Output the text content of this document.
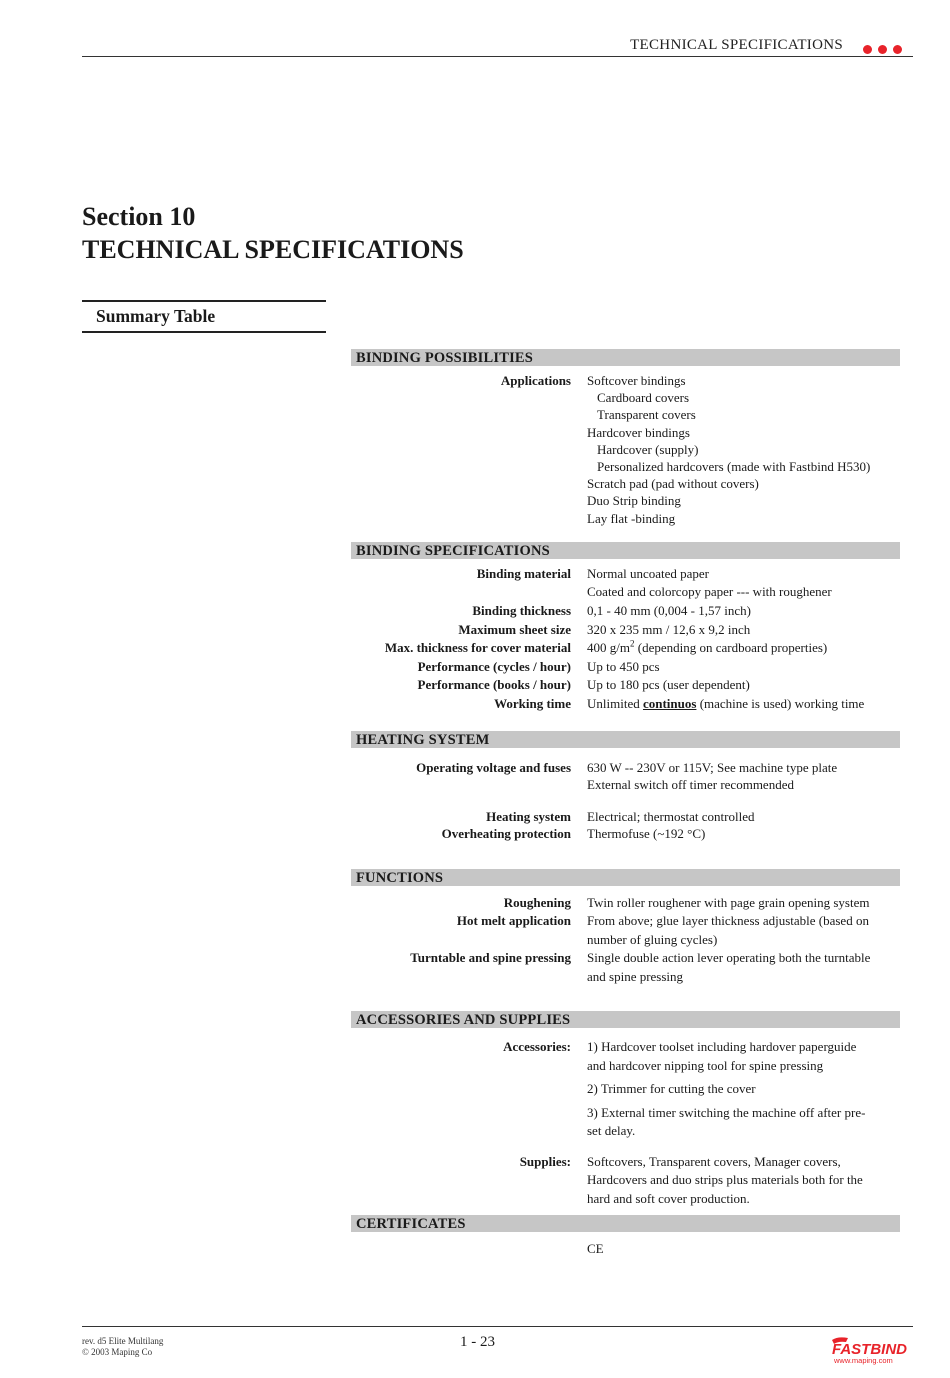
TECHNICAL SPECIFICATIONS
Section 10
TECHNICAL SPECIFICATIONS
Summary Table
BINDING POSSIBILITIES
Applications	Softcover bindings
Cardboard covers
Transparent covers
Hardcover bindings
Hardcover (supply)
Personalized hardcovers (made with Fastbind H530)
Scratch pad (pad without covers)
Duo Strip binding
Lay flat -binding
BINDING SPECIFICATIONS
Binding material	Normal uncoated paper
Coated and colorcopy paper --- with roughener
Binding thickness	0,1 - 40 mm (0,004 - 1,57 inch)
Maximum sheet size	320 x 235 mm / 12,6 x 9,2 inch
Max. thickness for cover material	400 $g/m^2$ (depending on cardboard properties)
Performance (cycles / hour)	Up to 450 pcs
Performance (books / hour)	Up to 180 pcs (user dependent)
Working time	Unlimited continuos (machine is used) working time
HEATING SYSTEM
Operating voltage and fuses	630 W -- 230V or 115V; See machine type plate
External switch off timer recommended
Heating system	Electrical; thermostat controlled
Overheating protection	Thermofuse (~192 °C)
FUNCTIONS
Roughening	Twin roller roughener with page grain opening system
Hot melt application	From above; glue layer thickness adjustable (based on
number of gluing cycles)
Turntable and spine pressing	Single double action lever operating both the turntable
and spine pressing
ACCESSORIES AND SUPPLIES
Accessories:	1) Hardcover toolset including hardover paperguide
and hardcover nipping tool for spine pressing
2) Trimmer for cutting the cover
3) External timer switching the machine off after pre-
set delay.
Supplies:	Softcovers, Transparent covers, Manager covers,
Hardcovers and duo strips plus materials both for the
hard and soft cover production.
CERTIFICATES
CE
rev. d5 Elite Multilang
© 2003 Maping Co
1 - 23	FASTBIND
www.maping.com
